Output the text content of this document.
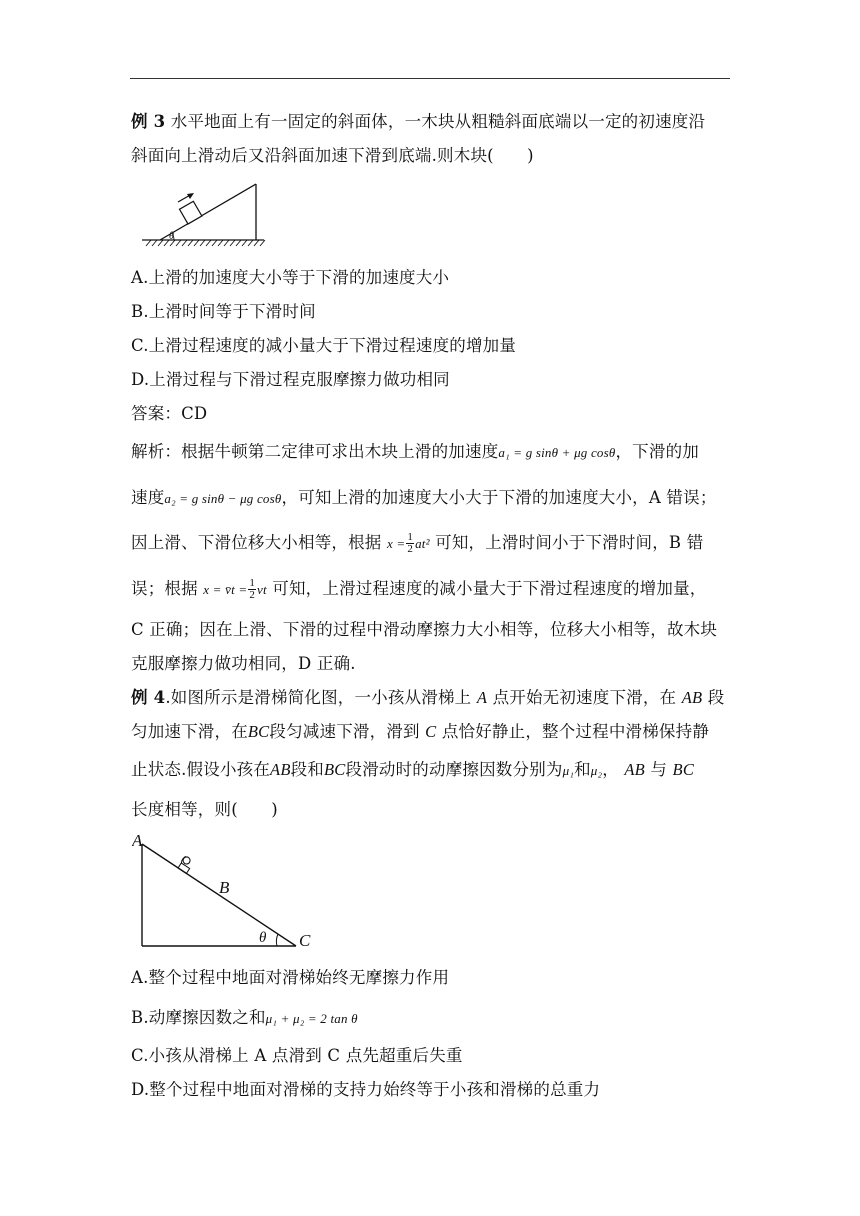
例 3 水平地面上有一固定的斜面体，一木块从粗糙斜面底端以一定的初速度沿
斜面向上滑动后又沿斜面加速下滑到底端.则木块(　　)
θ
A.上滑的加速度大小等于下滑的加速度大小
B.上滑时间等于下滑时间
C.上滑过程速度的减小量大于下滑过程速度的增加量
D.上滑过程与下滑过程克服摩擦力做功相同
答案：CD
解析：根据牛顿第二定律可求出木块上滑的加速度a₁ = g sinθ + μg cosθ，下滑的加
速度a₂ = g sinθ − μg cosθ，可知上滑的加速度大小大于下滑的加速度大小，A 错误；
因上滑、下滑位移大小相等，根据 $x = \frac{1}{2} at^2$ 可知，上滑时间小于下滑时间，B 错
误；根据 x = v̄t = $\frac{1}{2}$ vt 可知，上滑过程速度的减小量大于下滑过程速度的增加量，
C 正确；因在上滑、下滑的过程中滑动摩擦力大小相等，位移大小相等，故木块
克服摩擦力做功相同，D 正确.
例 4.如图所示是滑梯简化图，一小孩从滑梯上 A 点开始无初速度下滑，在 AB 段
匀加速下滑，在BC段匀减速下滑，滑到 C 点恰好静止，整个过程中滑梯保持静
止状态.假设小孩在AB段和BC段滑动时的动摩擦因数分别为μ₁和μ₂， AB 与 BC
长度相等，则(　　)
A
B
C
θ
A.整个过程中地面对滑梯始终无摩擦力作用
B.动摩擦因数之和μ₁ + μ₂ = 2 tan θ
C.小孩从滑梯上 A 点滑到 C 点先超重后失重
D.整个过程中地面对滑梯的支持力始终等于小孩和滑梯的总重力
